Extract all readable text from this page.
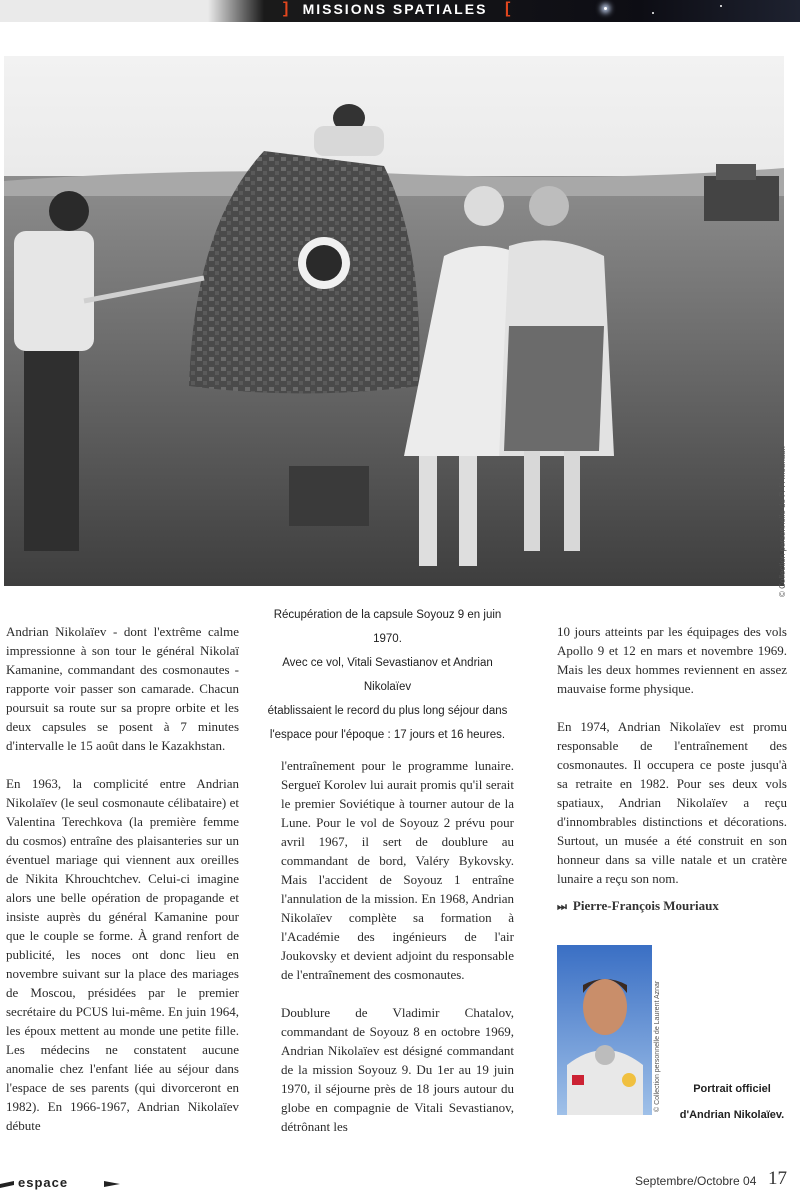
]	MISSIONS SPATIALES	[
© Collection personnelle de P.-F. Mouriaux

Andrian Nikolaïev - dont l'extrême calme impressionne à son tour le général Nikolaï Kamanine, commandant des cosmonautes - rapporte voir passer son camarade. Chacun poursuit sa route sur sa propre orbite et les deux capsules se posent à 7 minutes d'intervalle le 15 août dans le Kazakhstan.

En 1963, la complicité entre Andrian Nikolaïev (le seul cosmonaute célibataire) et Valentina Terechkova (la première femme du cosmos) entraîne des plaisanteries sur un éventuel mariage qui viennent aux oreilles de Nikita Khrouchtchev. Celui-ci imagine alors une belle opération de propagande et insiste auprès du général Kamanine pour que le couple se forme. À grand renfort de publicité, les noces ont donc lieu en novembre suivant sur la place des mariages de Moscou, présidées par le premier secrétaire du PCUS lui-même. En juin 1964, les époux mettent au monde une petite fille. Les médecins ne constatent aucune anomalie chez l'enfant liée au séjour dans l'espace de ses parents (qui divorceront en 1982). En 1966-1967, Andrian Nikolaïev débute

Récupération de la capsule Soyouz 9 en juin 1970.
Avec ce vol, Vitali Sevastianov et Andrian Nikolaïev
établissaient le record du plus long séjour dans
l'espace pour l'époque : 17 jours et 16 heures.

l'entraînement pour le programme lunaire. Sergueï Korolev lui aurait promis qu'il serait le premier Soviétique à tourner autour de la Lune. Pour le vol de Soyouz 2 prévu pour avril 1967, il sert de doublure au commandant de bord, Valéry Bykovsky. Mais l'accident de Soyouz 1 entraîne l'annulation de la mission. En 1968, Andrian Nikolaïev complète sa formation à l'Académie des ingénieurs de l'air Joukovsky et devient adjoint du responsable de l'entraînement des cosmonautes.

Doublure de Vladimir Chatalov, commandant de Soyouz 8 en octobre 1969, Andrian Nikolaïev est désigné commandant de la mission Soyouz 9. Du 1er au 19 juin 1970, il séjourne près de 18 jours autour du globe en compagnie de Vitali Sevastianov, détrônant les

10 jours atteints par les équipages des vols Apollo 9 et 12 en mars et novembre 1969. Mais les deux hommes reviennent en assez mauvaise forme physique.

En 1974, Andrian Nikolaïev est promu responsable de l'entraînement des cosmonautes. Il occupera ce poste jusqu'à sa retraite en 1982. Pour ses deux vols spatiaux, Andrian Nikolaïev a reçu d'innombrables distinctions et décorations. Surtout, un musée a été construit en son honneur dans sa ville natale et un cratère lunaire a reçu son nom.

⏭ Pierre-François Mouriaux
© Collection personnelle de Laurent Aznar	Portrait officiel
d'Andrian Nikolaïev.
espace	Septembre/Octobre 04 17
